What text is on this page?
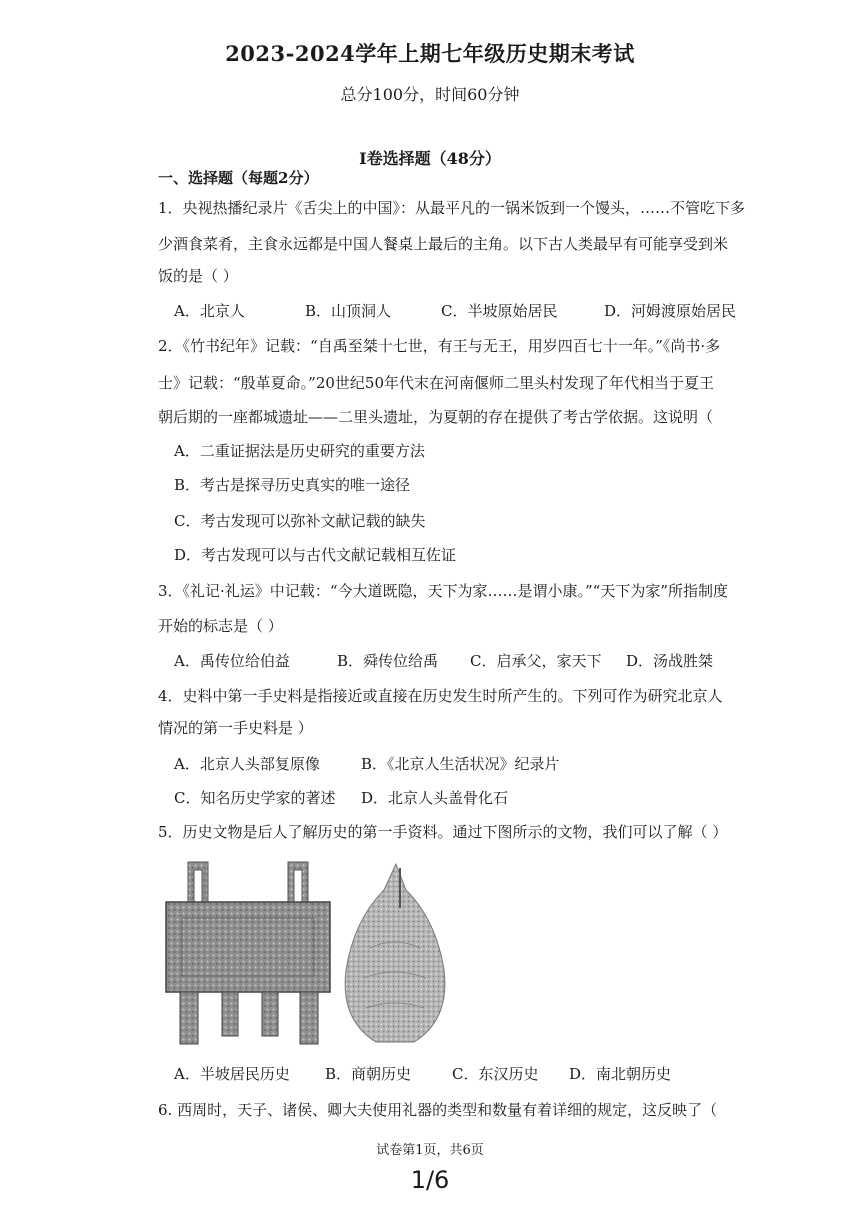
2023-2024学年上期七年级历史期末考试
总分100分，时间60分钟
Ⅰ卷选择题（48分）
一、选择题（每题2分）
1．央视热播纪录片《舌尖上的中国》：从最平凡的一锅米饭到一个馒头，……不管吃下多
少酒食菜肴，主食永远都是中国人餐桌上最后的主角。以下古人类最早有可能享受到米
饭的是（ ）
A．北京人	B．山顶洞人	C．半坡原始居民	D．河姆渡原始居民
2．《竹书纪年》记载：“自禹至桀十七世，有王与无王，用岁四百七十一年。”《尚书·多
士》记载：“殷革夏命。”20世纪50年代末在河南偃师二里头村发现了年代相当于夏王
朝后期的一座都城遗址——二里头遗址，为夏朝的存在提供了考古学依据。这说明（
A．二重证据法是历史研究的重要方法
B．考古是探寻历史真实的唯一途径
C．考古发现可以弥补文献记载的缺失
D．考古发现可以与古代文献记载相互佐证
3．《礼记·礼运》中记载：“今大道既隐，天下为家……是谓小康。”“天下为家”所指制度
开始的标志是（ ）
A．禹传位给伯益	B．舜传位给禹 C．启承父，家天下 D．汤战胜桀
4．史料中第一手史料是指接近或直接在历史发生时所产生的。下列可作为研究北京人
情况的第一手史料是 ）
A．北京人头部复原像	B．《北京人生活状况》纪录片
C．知名历史学家的著述 D．北京人头盖骨化石
5．历史文物是后人了解历史的第一手资料。通过下图所示的文物，我们可以了解（ ）
A．半坡居民历史 B．商朝历史	C．东汉历史 D．南北朝历史
6. 西周时，天子、诸侯、卿大夫使用礼器的类型和数量有着详细的规定，这反映了（
试卷第1页，共6页
1/6
